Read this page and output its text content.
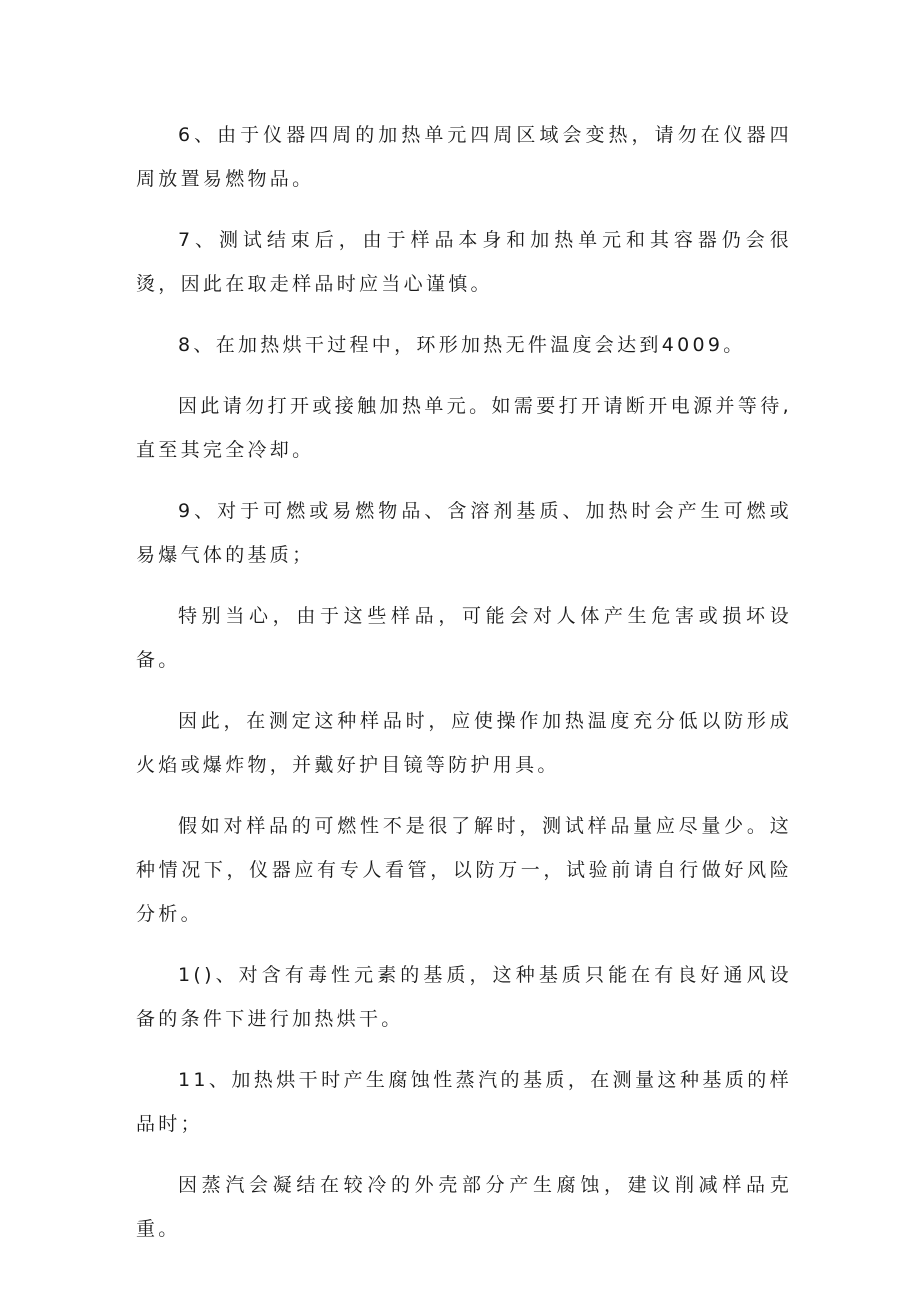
6、由于仪器四周的加热单元四周区域会变热，请勿在仪器四周放置易燃物品。

7、测试结束后，由于样品本身和加热单元和其容器仍会很烫，因此在取走样品时应当心谨慎。

8、在加热烘干过程中，环形加热无件温度会达到4009。

因此请勿打开或接触加热单元。如需要打开请断开电源并等待,直至其完全冷却。

9、对于可燃或易燃物品、含溶剂基质、加热时会产生可燃或易爆气体的基质；

特别当心，由于这些样品，可能会对人体产生危害或损坏设备。

因此，在测定这种样品时，应使操作加热温度充分低以防形成火焰或爆炸物，并戴好护目镜等防护用具。

假如对样品的可燃性不是很了解时，测试样品量应尽量少。这种情况下，仪器应有专人看管，以防万一，试验前请自行做好风险分析。

1()、对含有毒性元素的基质，这种基质只能在有良好通风设备的条件下进行加热烘干。

11、加热烘干时产生腐蚀性蒸汽的基质，在测量这种基质的样品时；

因蒸汽会凝结在较冷的外壳部分产生腐蚀，建议削减样品克重。
